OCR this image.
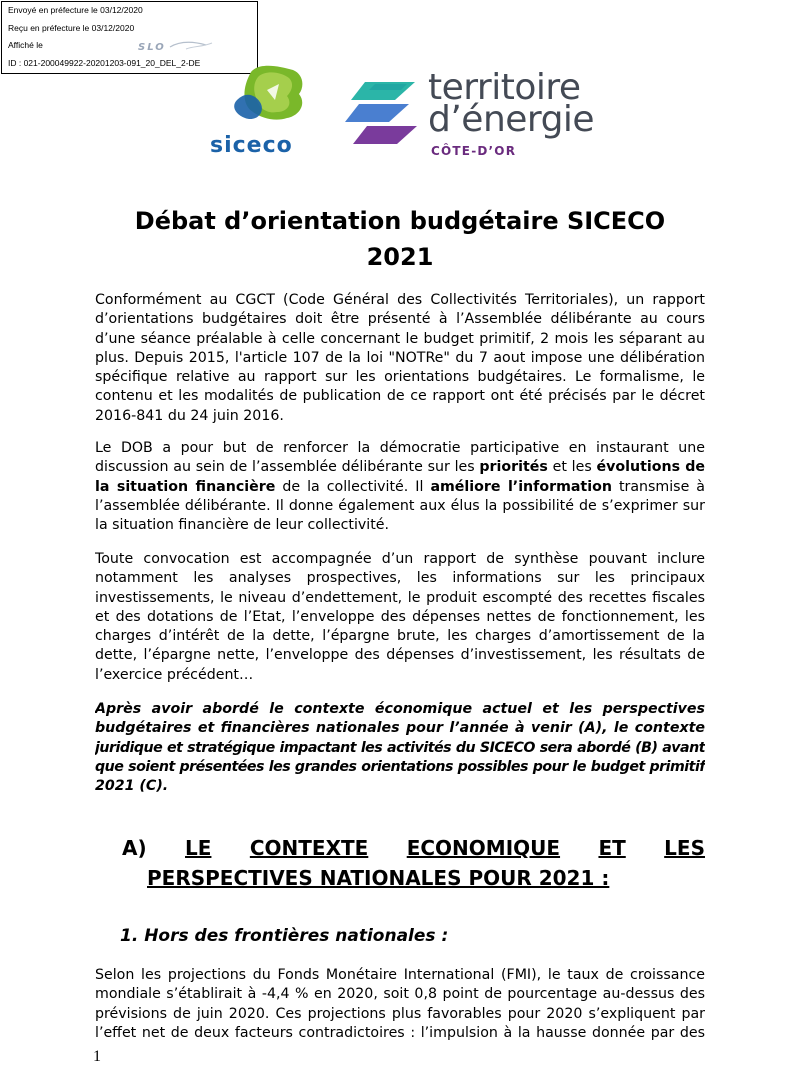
Envoyé en préfecture le 03/12/2020
Reçu en préfecture le 03/12/2020
Affiché le	SLO
ID : 021-200049922-20201203-091_20_DEL_2-DE
siceco
territoire
d’énergie
CÔTE-D’OR
Débat d’orientation budgétaire SICECO
2021
Conformément au CGCT (Code Général des Collectivités Territoriales), un rapport
d’orientations budgétaires doit être présenté à l’Assemblée délibérante au cours
d’une séance préalable à celle concernant le budget primitif, 2 mois les séparant au
plus. Depuis 2015, l'article 107 de la loi "NOTRe" du 7 aout impose une délibération
spécifique relative au rapport sur les orientations budgétaires. Le formalisme, le
contenu et les modalités de publication de ce rapport ont été précisés par le décret
2016-841 du 24 juin 2016.
Le DOB a pour but de renforcer la démocratie participative en instaurant une
discussion au sein de l’assemblée délibérante sur les priorités et les évolutions de
la situation financière de la collectivité. Il améliore l’information transmise à
l’assemblée délibérante. Il donne également aux élus la possibilité de s’exprimer sur
la situation financière de leur collectivité.
Toute convocation est accompagnée d’un rapport de synthèse pouvant inclure
notamment les analyses prospectives, les informations sur les principaux
investissements, le niveau d’endettement, le produit escompté des recettes fiscales
et des dotations de l’Etat, l’enveloppe des dépenses nettes de fonctionnement, les
charges d’intérêt de la dette, l’épargne brute, les charges d’amortissement de la
dette, l’épargne nette, l’enveloppe des dépenses d’investissement, les résultats de
l’exercice précédent…
Après avoir abordé le contexte économique actuel et les perspectives
budgétaires et financières nationales pour l’année à venir (A), le contexte
juridique et stratégique impactant les activités du SICECO sera abordé (B) avant
que soient présentées les grandes orientations possibles pour le budget primitif
2021 (C).
A) LE CONTEXTE ECONOMIQUE ET LES
PERSPECTIVES NATIONALES POUR 2021 :
1. Hors des frontières nationales :
Selon les projections du Fonds Monétaire International (FMI), le taux de croissance
mondiale s’établirait à -4,4 % en 2020, soit 0,8 point de pourcentage au-dessus des
prévisions de juin 2020. Ces projections plus favorables pour 2020 s’expliquent par
l’effet net de deux facteurs contradictoires : l’impulsion à la hausse donnée par des
1
